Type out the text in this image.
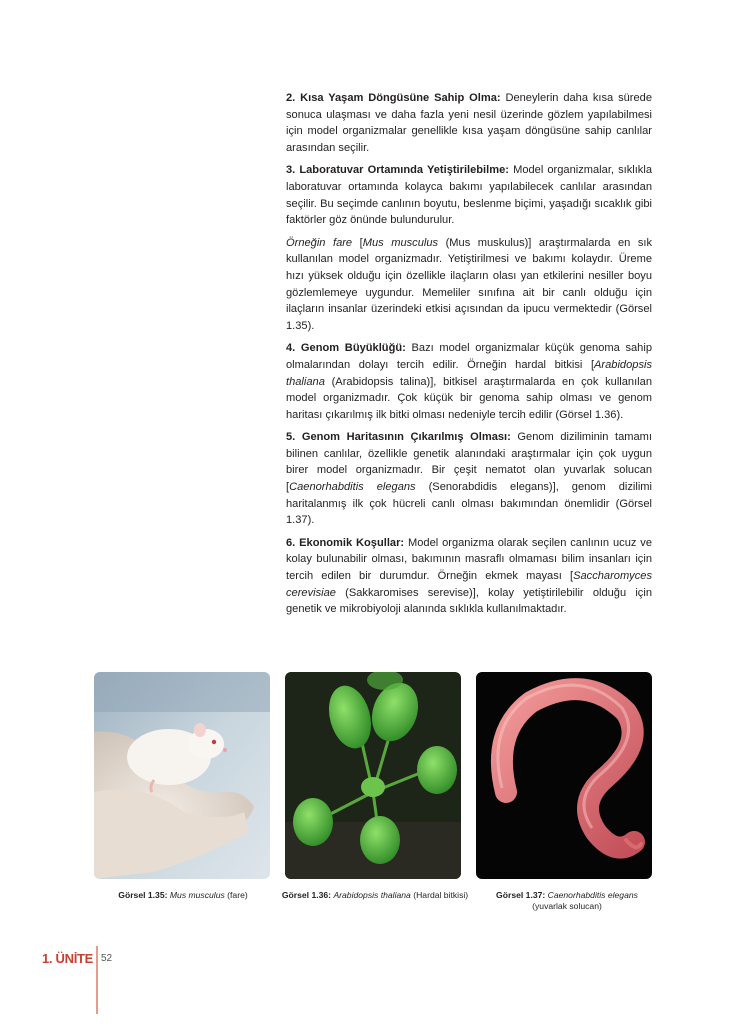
2. Kısa Yaşam Döngüsüne Sahip Olma: Deneylerin daha kısa sürede sonuca ulaşması ve daha fazla yeni nesil üzerinde gözlem yapılabilmesi için model organizmalar genellikle kısa yaşam döngüsüne sahip canlılar arasından seçilir.

3. Laboratuvar Ortamında Yetiştirilebilme: Model organizmalar, sıklıkla laboratuvar ortamında kolayca bakımı yapılabilecek canlılar arasından seçilir. Bu seçimde canlının boyutu, beslenme biçimi, yaşadığı sıcaklık gibi faktörler göz önünde bulundurulur.

Örneğin fare [Mus musculus (Mus muskulus)] araştırmalarda en sık kullanılan model organizmadır. Yetiştirilmesi ve bakımı kolaydır. Üreme hızı yüksek olduğu için özellikle ilaçların olası yan etkilerini nesiller boyu gözlemlemeye uygundur. Memeliler sınıfına ait bir canlı olduğu için ilaçların insanlar üzerindeki etkisi açısından da ipucu vermektedir (Görsel 1.35).

4. Genom Büyüklüğü: Bazı model organizmalar küçük genoma sahip olmalarından dolayı tercih edilir. Örneğin hardal bitkisi [Arabidopsis thaliana (Arabidopsis talina)], bitkisel araştırmalarda en çok kullanılan model organizmadır. Çok küçük bir genoma sahip olması ve genom haritası çıkarılmış ilk bitki olması nedeniyle tercih edilir (Görsel 1.36).

5. Genom Haritasının Çıkarılmış Olması: Genom diziliminin tamamı bilinen canlılar, özellikle genetik alanındaki araştırmalar için çok uygun birer model organizmadır. Bir çeşit nematot olan yuvarlak solucan [Caenorhabditis elegans (Senorabdidis elegans)], genom dizilimi haritalanmış ilk çok hücreli canlı olması bakımından önemlidir (Görsel 1.37).

6. Ekonomik Koşullar: Model organizma olarak seçilen canlının ucuz ve kolay bulunabilir olması, bakımının masraflı olmaması bilim insanları için tercih edilen bir durumdur. Örneğin ekmek mayası [Saccharomyces cerevisiae (Sakkaromises serevise)], kolay yetiştirilebilir olduğu için genetik ve mikrobiyoloji alanında sıklıkla kullanılmaktadır.

Görsel 1.35: Mus musculus (fare)	Görsel 1.36: Arabidopsis thaliana (Hardal bitkisi)	Görsel 1.37: Caenorhabditis elegans
(yuvarlak solucan)
1. ÜNİTE 52
